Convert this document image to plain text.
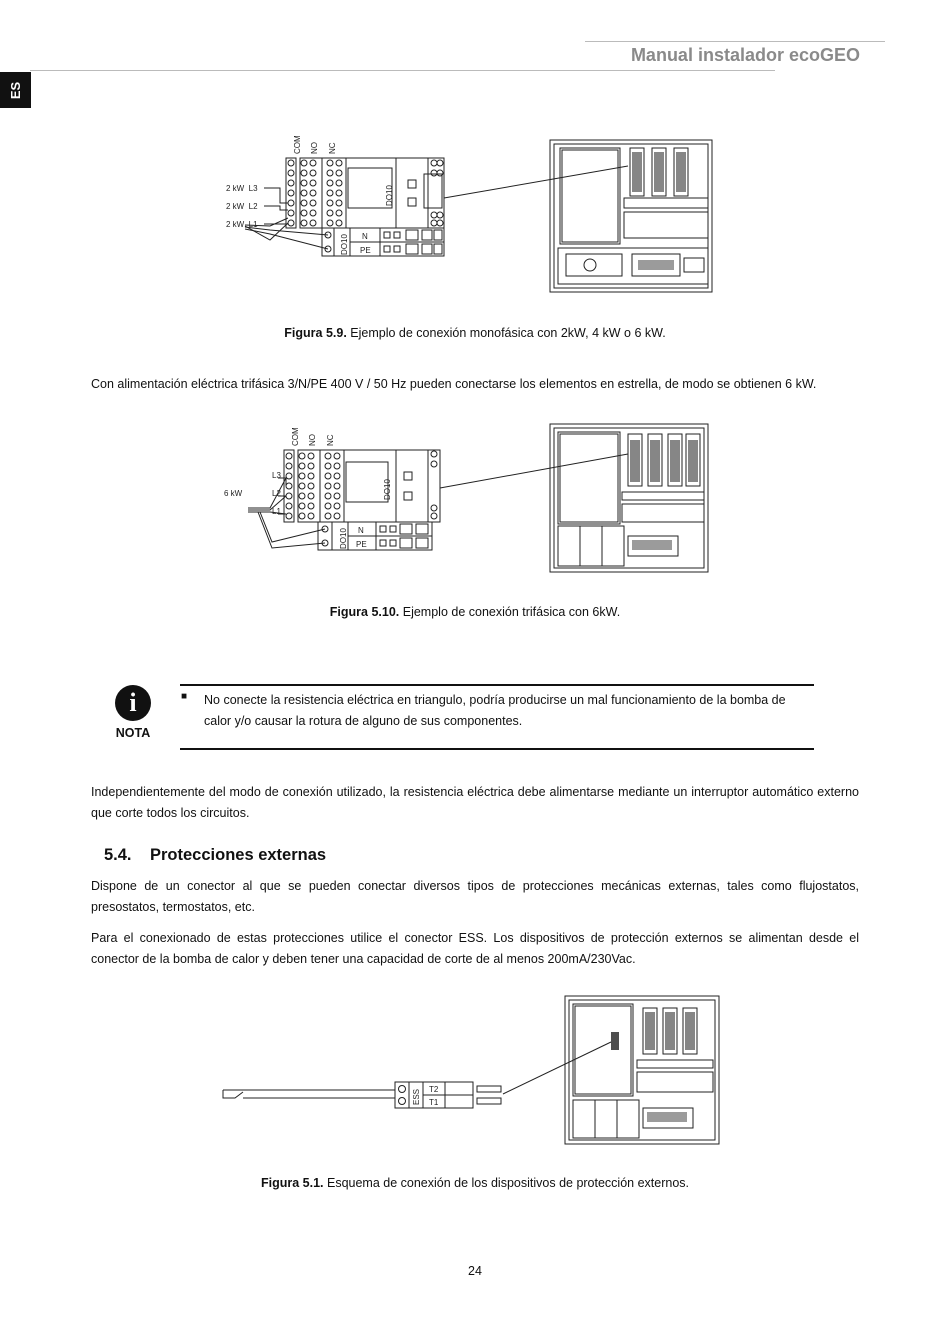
Manual instalador ecoGEO
ES
COM NO NC
DO10
DO10 N
PE
2 kW  L3
2 kW  L2
2 kW  L1
Figura 5.9. Ejemplo de conexión monofásica con 2kW, 4 kW o 6 kW.
Con alimentación eléctrica trifásica 3/N/PE 400 V / 50 Hz pueden conectarse los elementos en estrella, de modo se obtienen 6 kW.
COM NO NC
DO10
DO10 N
PE
6 kW
L3
L2
L1
Figura 5.10. Ejemplo de conexión trifásica con 6kW.
i
NOTA
■ No conecte la resistencia eléctrica en triangulo, podría producirse un mal funcionamiento de la bomba de calor y/o causar la rotura de alguno de sus componentes.
Independientemente del modo de conexión utilizado, la resistencia eléctrica debe alimentarse mediante un interruptor automático externo que corte todos los circuitos.
5.4. Protecciones externas
Dispone de un conector al que se pueden conectar diversos tipos de protecciones mecánicas externas, tales como flujostatos, presostatos, termostatos, etc.
Para el conexionado de estas protecciones utilice el conector ESS. Los dispositivos de protección externos se alimentan desde el conector de la bomba de calor y deben tener una capacidad de corte de al menos 200mA/230Vac.
ESS T2
T1
Figura 5.1. Esquema de conexión de los dispositivos de protección externos.
24
